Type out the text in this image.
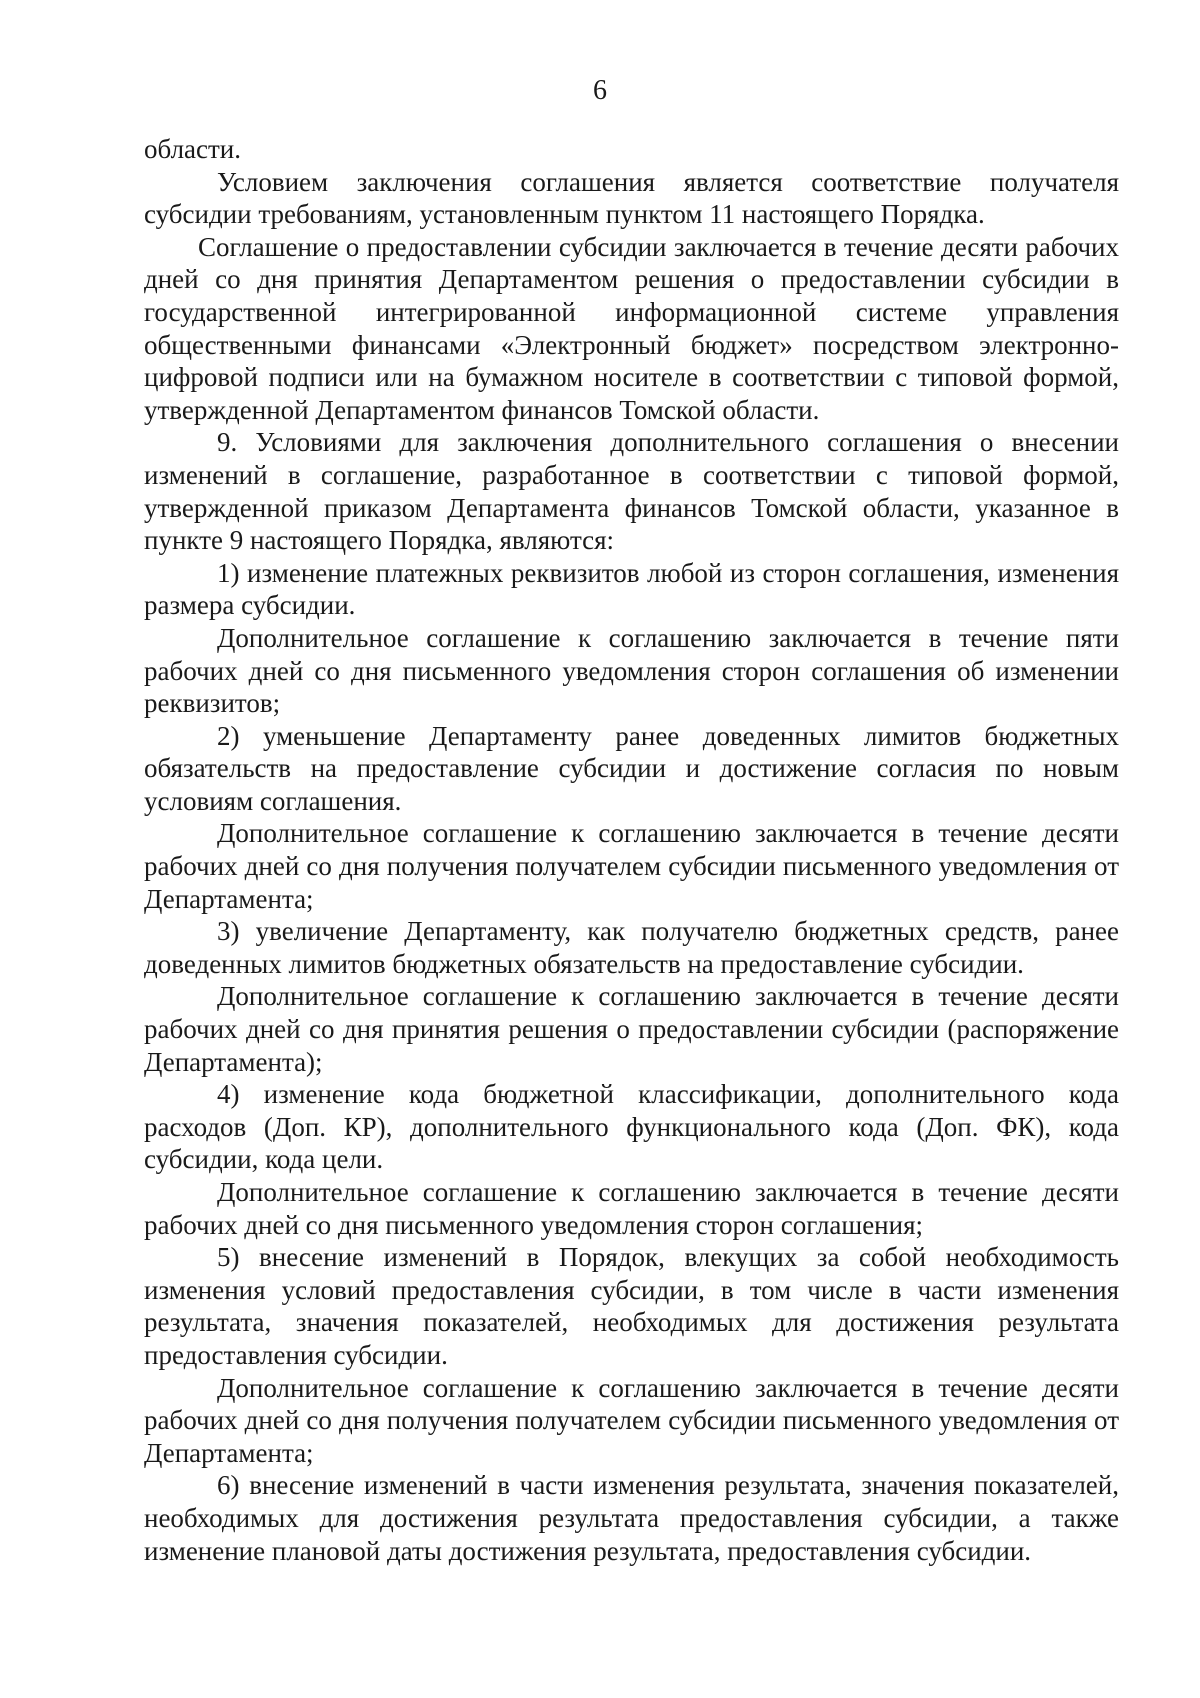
6

области.

Условием заключения соглашения является соответствие получателя субсидии требованиям, установленным пунктом 11 настоящего Порядка.

Соглашение о предоставлении субсидии заключается в течение десяти рабочих дней со дня принятия Департаментом решения о предоставлении субсидии в государственной интегрированной информационной системе управления общественными финансами «Электронный бюджет» посредством электронно-цифровой подписи или на бумажном носителе в соответствии с типовой формой, утвержденной Департаментом финансов Томской области.

9. Условиями для заключения дополнительного соглашения о внесении изменений в соглашение, разработанное в соответствии с типовой формой, утвержденной приказом Департамента финансов Томской области, указанное в пункте 9 настоящего Порядка, являются:

1) изменение платежных реквизитов любой из сторон соглашения, изменения размера субсидии.

Дополнительное соглашение к соглашению заключается в течение пяти рабочих дней со дня письменного уведомления сторон соглашения об изменении реквизитов;

2) уменьшение Департаменту ранее доведенных лимитов бюджетных обязательств на предоставление субсидии и достижение согласия по новым условиям соглашения.

Дополнительное соглашение к соглашению заключается в течение десяти рабочих дней со дня получения получателем субсидии письменного уведомления от Департамента;

3) увеличение Департаменту, как получателю бюджетных средств, ранее доведенных лимитов бюджетных обязательств на предоставление субсидии.

Дополнительное соглашение к соглашению заключается в течение десяти рабочих дней со дня принятия решения о предоставлении субсидии (распоряжение Департамента);

4) изменение кода бюджетной классификации, дополнительного кода расходов (Доп. КР), дополнительного функционального кода (Доп. ФК), кода субсидии, кода цели.

Дополнительное соглашение к соглашению заключается в течение десяти рабочих дней со дня письменного уведомления сторон соглашения;

5) внесение изменений в Порядок, влекущих за собой необходимость изменения условий предоставления субсидии, в том числе в части изменения результата, значения показателей, необходимых для достижения результата предоставления субсидии.

Дополнительное соглашение к соглашению заключается в течение десяти рабочих дней со дня получения получателем субсидии письменного уведомления от Департамента;

6) внесение изменений в части изменения результата, значения показателей, необходимых для достижения результата предоставления субсидии, а также изменение плановой даты достижения результата, предоставления субсидии.
